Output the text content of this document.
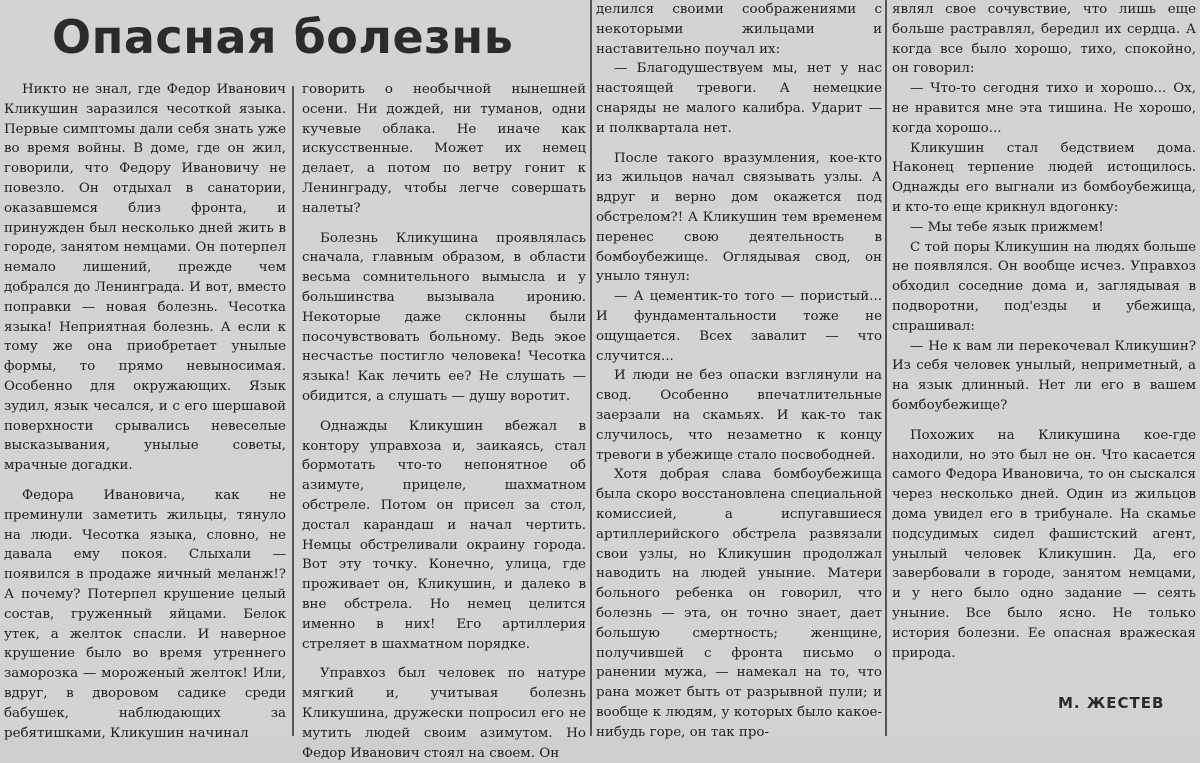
Опасная болезнь

Никто не знал, где Федор Иванович Кликушин заразился чесоткой языка. Первые симптомы дали себя знать уже во время войны. В доме, где он жил, говорили, что Федору Ивановичу не повезло. Он отдыхал в санатории, оказавшемся близ фронта, и принужден был несколько дней жить в городе, занятом немцами. Он потерпел немало лишений, прежде чем добрался до Ленинграда. И вот, вместо поправки — новая болезнь. Чесотка языка! Неприятная болезнь. А если к тому же она приобретает унылые формы, то прямо невыносимая. Особенно для окружающих. Язык зудил, язык чесался, и с его шершавой поверхности срывались невеселые высказывания, унылые советы, мрачные догадки.

Федора Ивановича, как не преминули заметить жильцы, тянуло на люди. Чесотка языка, словно, не давала ему покоя. Слыхали — появился в продаже яичный меланж!? А почему? Потерпел крушение целый состав, груженный яйцами. Белок утек, а желток спасли. И наверное крушение было во время утреннего заморозка — мороженый желток! Или, вдруг, в дворовом садике среди бабушек, наблюдающих за ребятишками, Кликушин начинал

говорить о необычной нынешней осени. Ни дождей, ни туманов, одни кучевые облака. Не иначе как искусственные. Может их немец делает, а потом по ветру гонит к Ленинграду, чтобы легче совершать налеты?

Болезнь Кликушина проявлялась сначала, главным образом, в области весьма сомнительного вымысла и у большинства вызывала иронию. Некоторые даже склонны были посочувствовать больному. Ведь экое несчастье постигло человека! Чесотка языка! Как лечить ее? Не слушать — обидится, а слушать — душу воротит.

Однажды Кликушин вбежал в контору управхоза и, заикаясь, стал бормотать что-то непонятное об азимуте, прицеле, шахматном обстреле. Потом он присел за стол, достал карандаш и начал чертить. Немцы обстреливали окраину города. Вот эту точку. Конечно, улица, где проживает он, Кликушин, и далеко в вне обстрела. Но немец целится именно в них! Его артиллерия стреляет в шахматном порядке.

Управхоз был человек по натуре мягкий и, учитывая болезнь Кликушина, дружески попросил его не мутить людей своим азимутом. Но Федор Иванович стоял на своем. Он

делился своими соображениями с некоторыми жильцами и наставительно поучал их:

— Благодушествуем мы, нет у нас настоящей тревоги. А немецкие снаряды не малого калибра. Ударит — и полквартала нет.

После такого вразумления, кое-кто из жильцов начал связывать узлы. А вдруг и верно дом окажется под обстрелом?! А Кликушин тем временем перенес свою деятельность в бомбоубежище. Оглядывая свод, он уныло тянул:

— А цементик-то того — пористый... И фундаментальности тоже не ощущается. Всех завалит — что случится...

И люди не без опаски взглянули на свод. Особенно впечатлительные заерзали на скамьях. И как-то так случилось, что незаметно к концу тревоги в убежище стало посвободней.

Хотя добрая слава бомбоубежища была скоро восстановлена специальной комиссией, а испугавшиеся артиллерийского обстрела развязали свои узлы, но Кликушин продолжал наводить на людей уныние. Матери больного ребенка он говорил, что болезнь — эта, он точно знает, дает большую смертность; женщине, получившей с фронта письмо о ранении мужа, — намекал на то, что рана может быть от разрывной пули; и вообще к людям, у которых было какое-нибудь горе, он так про-

являл свое сочувствие, что лишь еще больше растравлял, бередил их сердца. А когда все было хорошо, тихо, спокойно, он говорил:

— Что-то сегодня тихо и хорошо... Ох, не нравится мне эта тишина. Не хорошо, когда хорошо...

Кликушин стал бедствием дома. Наконец терпение людей истощилось. Однажды его выгнали из бомбоубежища, и кто-то еще крикнул вдогонку:

— Мы тебе язык прижмем!

С той поры Кликушин на людях больше не появлялся. Он вообще исчез. Управхоз обходил соседние дома и, заглядывая в подворотни, под'езды и убежища, спрашивал:

— Не к вам ли перекочевал Кликушин? Из себя человек унылый, неприметный, а на язык длинный. Нет ли его в вашем бомбоубежище?

Похожих на Кликушина кое-где находили, но это был не он. Что касается самого Федора Ивановича, то он сыскался через несколько дней. Один из жильцов дома увидел его в трибунале. На скамье подсудимых сидел фашистский агент, унылый человек Кликушин. Да, его завербовали в городе, занятом немцами, и у него было одно задание — сеять уныние. Все было ясно. Не только история болезни. Ее опасная вражеская природа.

М. ЖЕСТЕВ
